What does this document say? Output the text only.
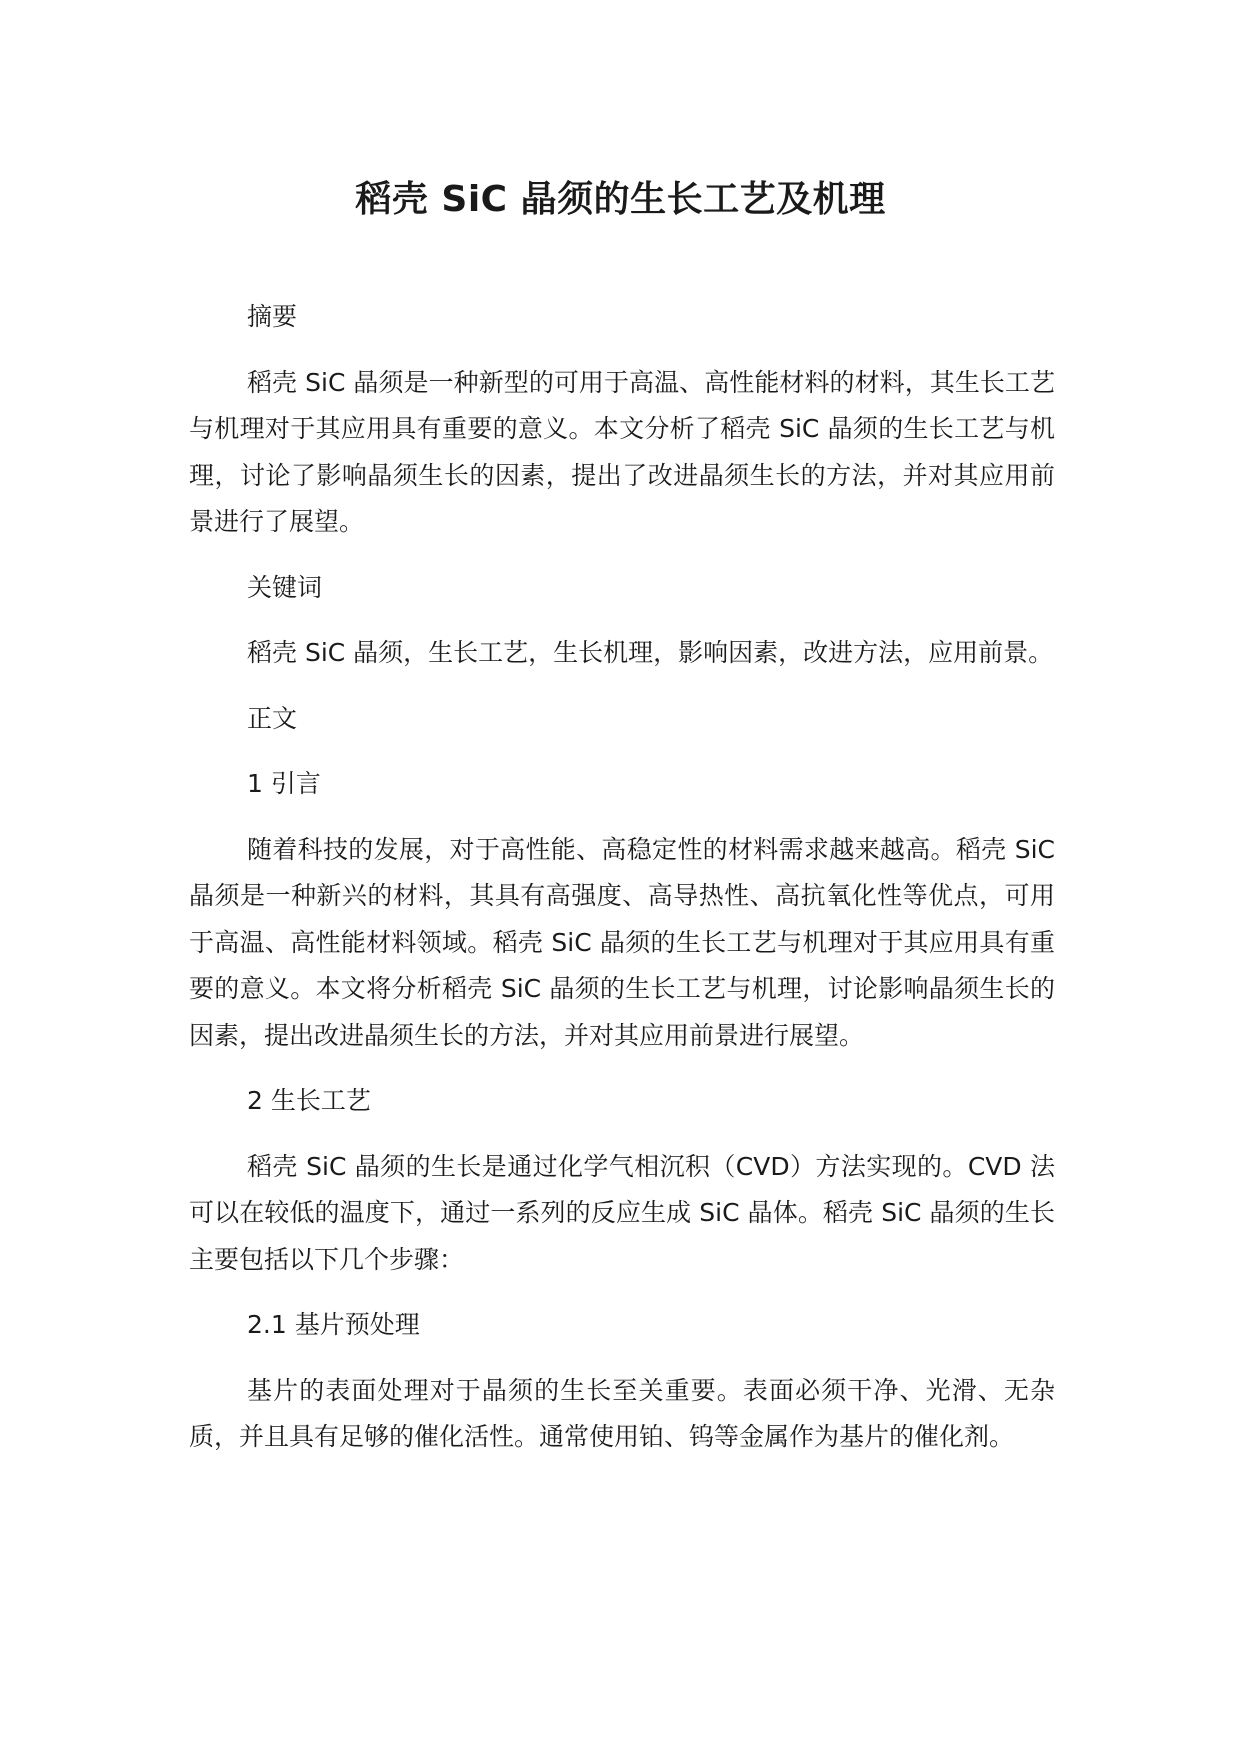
稻壳 SiC 晶须的生长工艺及机理

摘要

稻壳 SiC 晶须是一种新型的可用于高温、高性能材料的材料，其生长工艺与机理对于其应用具有重要的意义。本文分析了稻壳 SiC 晶须的生长工艺与机理，讨论了影响晶须生长的因素，提出了改进晶须生长的方法，并对其应用前景进行了展望。

关键词

稻壳 SiC 晶须，生长工艺，生长机理，影响因素，改进方法，应用前景。

正文

1 引言

随着科技的发展，对于高性能、高稳定性的材料需求越来越高。稻壳 SiC 晶须是一种新兴的材料，其具有高强度、高导热性、高抗氧化性等优点，可用于高温、高性能材料领域。稻壳 SiC 晶须的生长工艺与机理对于其应用具有重要的意义。本文将分析稻壳 SiC 晶须的生长工艺与机理，讨论影响晶须生长的因素，提出改进晶须生长的方法，并对其应用前景进行展望。

2 生长工艺

稻壳 SiC 晶须的生长是通过化学气相沉积（CVD）方法实现的。CVD 法可以在较低的温度下，通过一系列的反应生成 SiC 晶体。稻壳 SiC 晶须的生长主要包括以下几个步骤：

2.1 基片预处理

基片的表面处理对于晶须的生长至关重要。表面必须干净、光滑、无杂质，并且具有足够的催化活性。通常使用铂、钨等金属作为基片的催化剂。
